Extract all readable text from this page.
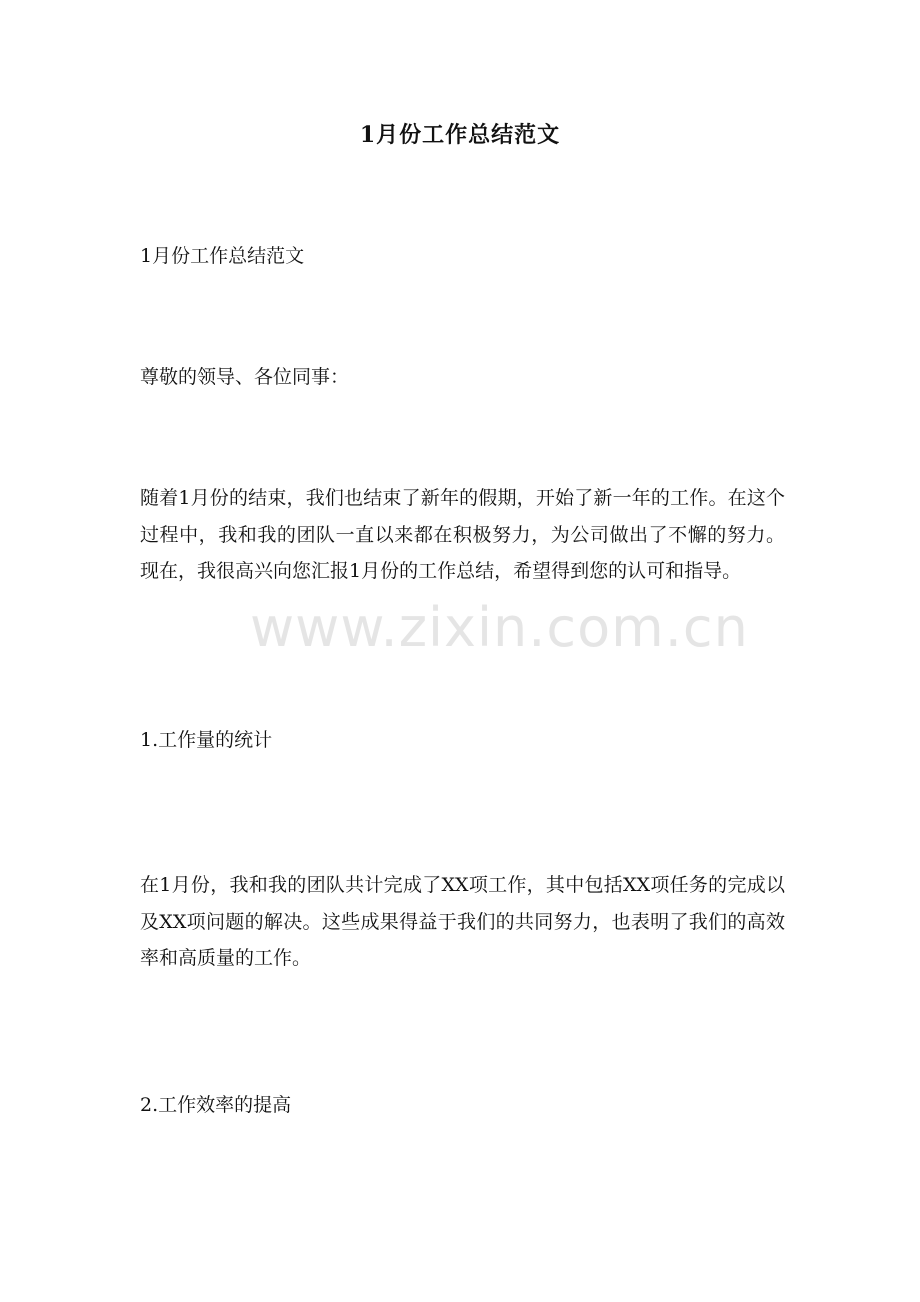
1月份工作总结范文

1月份工作总结范文

尊敬的领导、各位同事：

随着1月份的结束，我们也结束了新年的假期，开始了新一年的工作。在这个过程中，我和我的团队一直以来都在积极努力，为公司做出了不懈的努力。现在，我很高兴向您汇报1月份的工作总结，希望得到您的认可和指导。

1.工作量的统计

在1月份，我和我的团队共计完成了XX项工作，其中包括XX项任务的完成以及XX项问题的解决。这些成果得益于我们的共同努力，也表明了我们的高效率和高质量的工作。

2.工作效率的提高

www.zixin.com.cn
